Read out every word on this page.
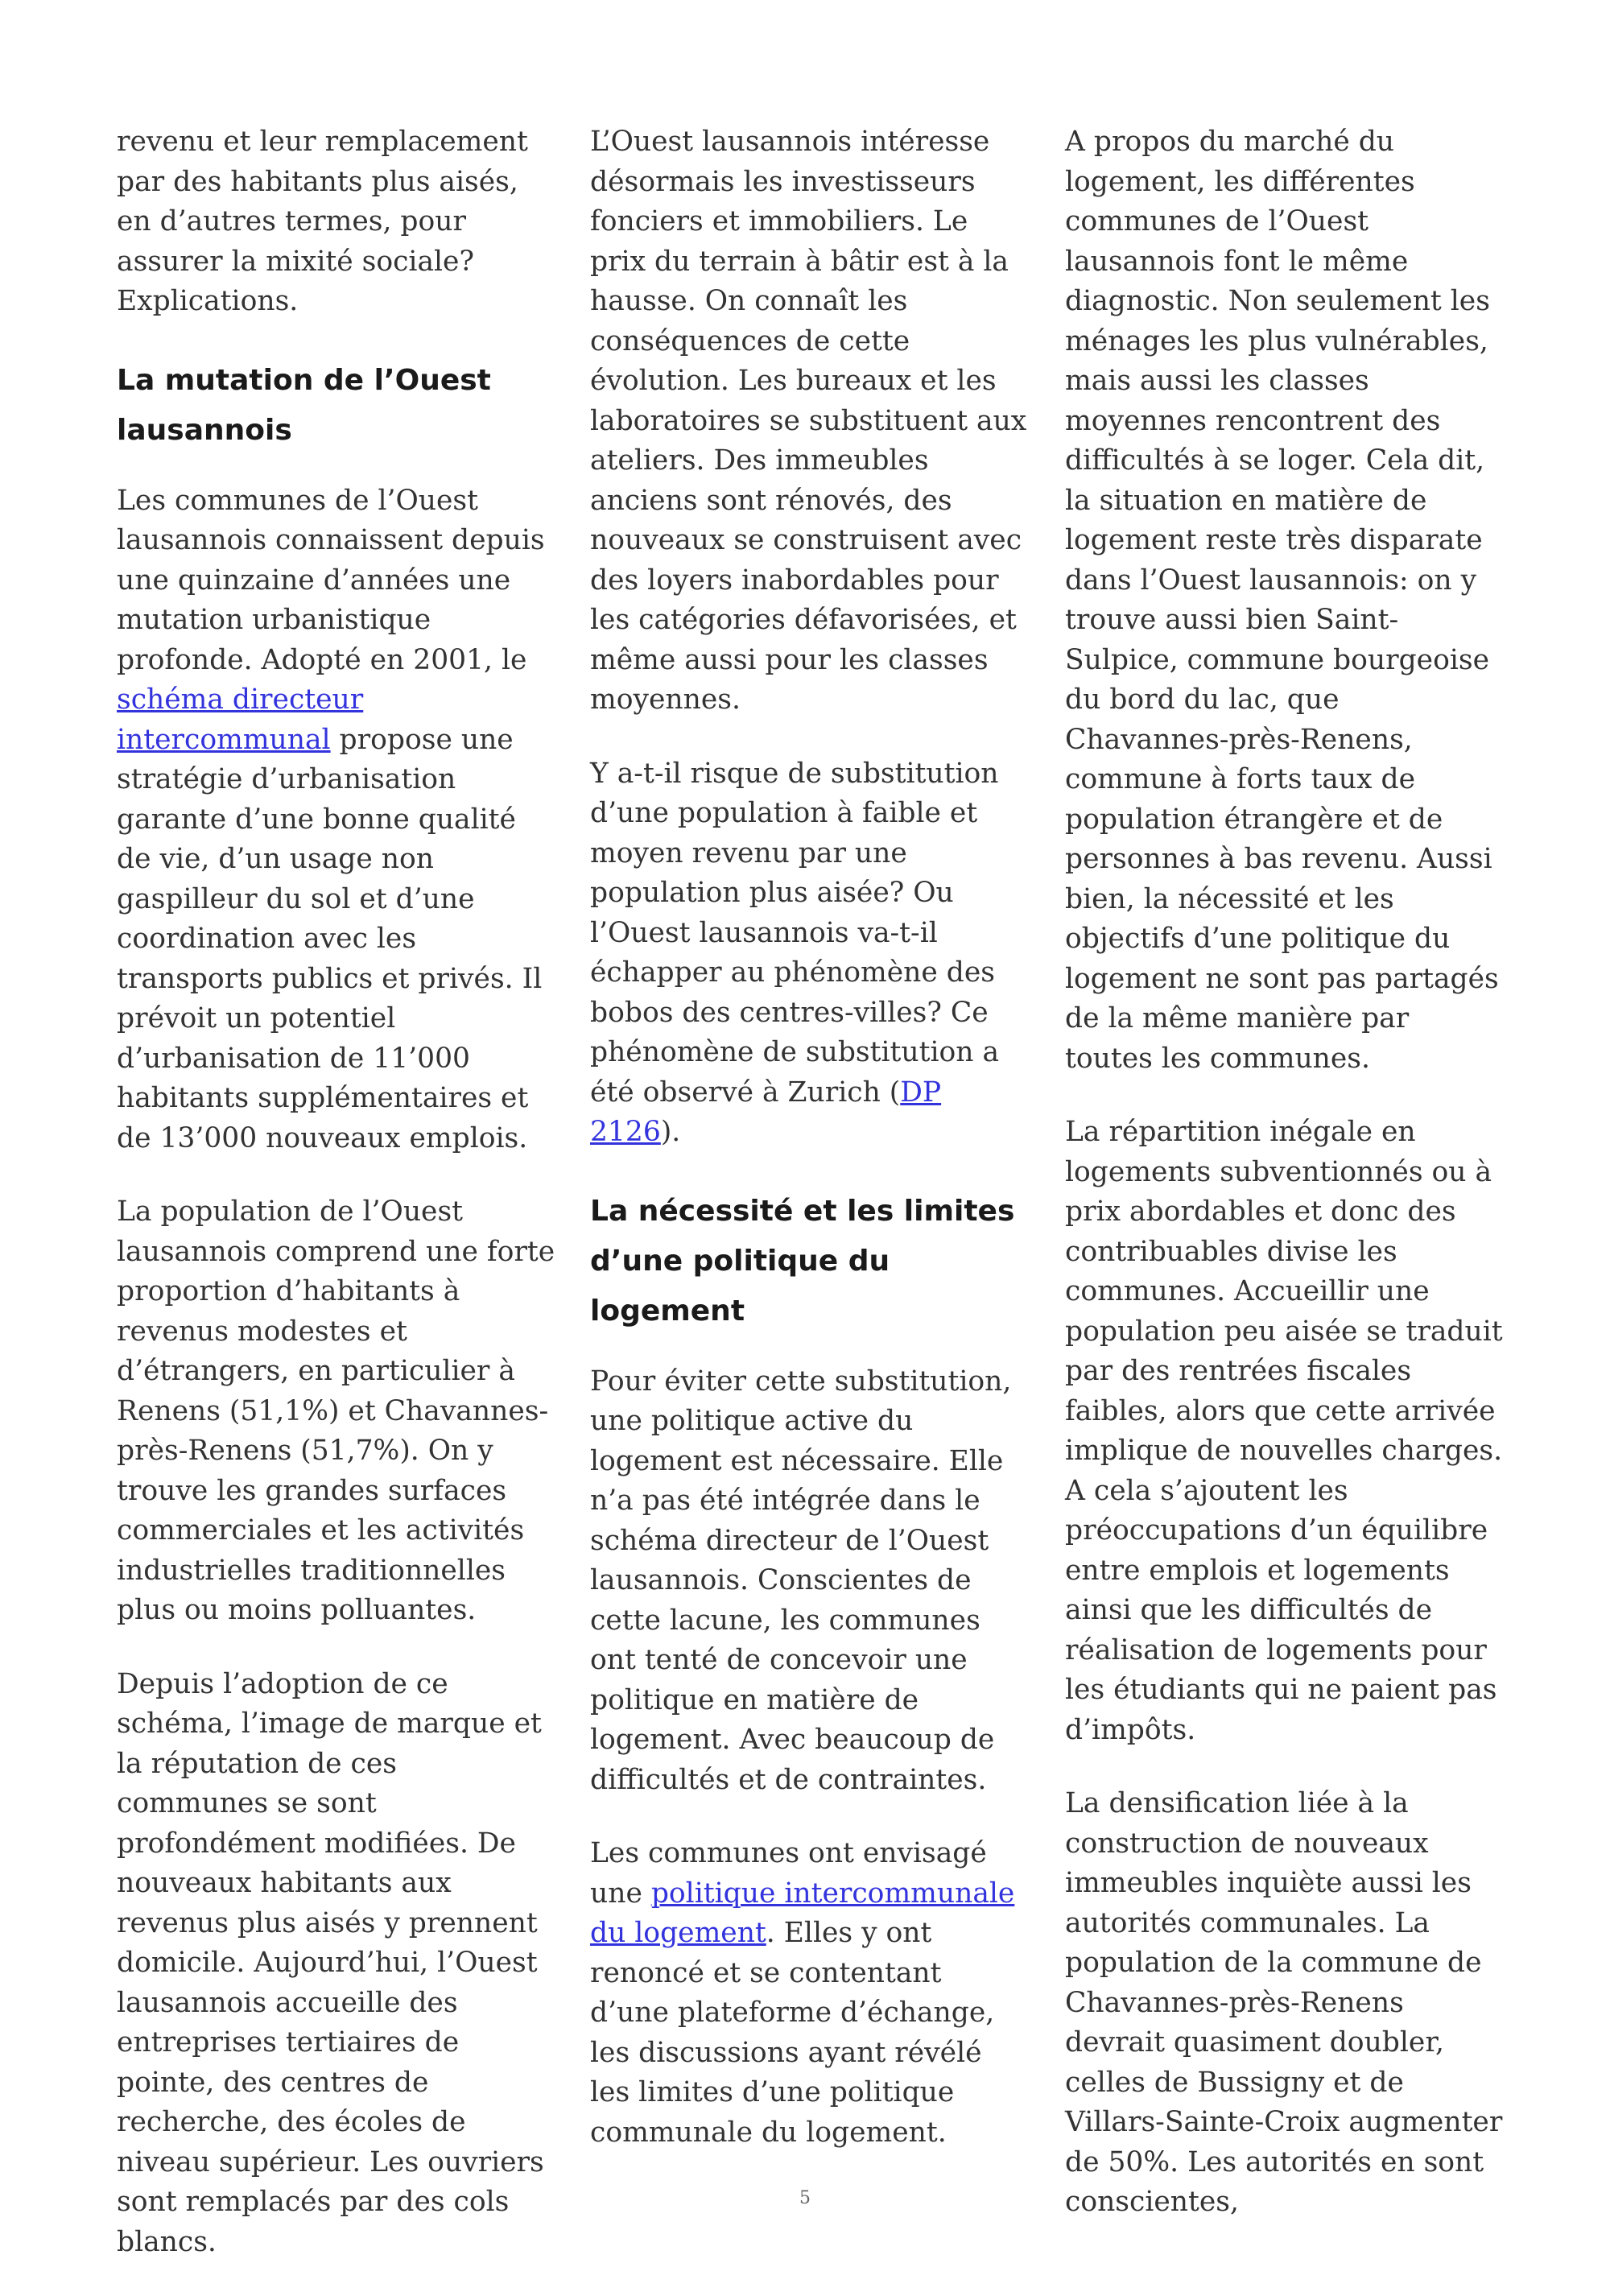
revenu et leur remplacement par des habitants plus aisés, en d’autres termes, pour assurer la mixité sociale? Explications.

La mutation de l’Ouest lausannois

Les communes de l’Ouest lausannois connaissent depuis une quinzaine d’années une mutation urbanistique profonde. Adopté en 2001, le schéma directeur intercommunal propose une stratégie d’urbanisation garante d’une bonne qualité de vie, d’un usage non gaspilleur du sol et d’une coordination avec les transports publics et privés. Il prévoit un potentiel d’urbanisation de 11’000 habitants supplémentaires et de 13’000 nouveaux emplois.

La population de l’Ouest lausannois comprend une forte proportion d’habitants à revenus modestes et d’étrangers, en particulier à Renens (51,1%) et Chavannes-près-Renens (51,7%). On y trouve les grandes surfaces commerciales et les activités industrielles traditionnelles plus ou moins polluantes.

Depuis l’adoption de ce schéma, l’image de marque et la réputation de ces communes se sont profondément modifiées. De nouveaux habitants aux revenus plus aisés y prennent domicile. Aujourd’hui, l’Ouest lausannois accueille des entreprises tertiaires de pointe, des centres de recherche, des écoles de niveau supérieur. Les ouvriers sont remplacés par des cols blancs.

L’Ouest lausannois intéresse désormais les investisseurs fonciers et immobiliers. Le prix du terrain à bâtir est à la hausse. On connaît les conséquences de cette évolution. Les bureaux et les laboratoires se substituent aux ateliers. Des immeubles anciens sont rénovés, des nouveaux se construisent avec des loyers inabordables pour les catégories défavorisées, et même aussi pour les classes moyennes.

Y a-t-il risque de substitution d’une population à faible et moyen revenu par une population plus aisée? Ou l’Ouest lausannois va-t-il échapper au phénomène des bobos des centres-villes? Ce phénomène de substitution a été observé à Zurich (DP 2126).

La nécessité et les limites d’une politique du logement

Pour éviter cette substitution, une politique active du logement est nécessaire. Elle n’a pas été intégrée dans le schéma directeur de l’Ouest lausannois. Conscientes de cette lacune, les communes ont tenté de concevoir une politique en matière de logement. Avec beaucoup de difficultés et de contraintes.

Les communes ont envisagé une politique intercommunale du logement. Elles y ont renoncé et se contentant d’une plateforme d’échange, les discussions ayant révélé les limites d’une politique communale du logement.

A propos du marché du logement, les différentes communes de l’Ouest lausannois font le même diagnostic. Non seulement les ménages les plus vulnérables, mais aussi les classes moyennes rencontrent des difficultés à se loger. Cela dit, la situation en matière de logement reste très disparate dans l’Ouest lausannois: on y trouve aussi bien Saint-Sulpice, commune bourgeoise du bord du lac, que Chavannes-près-Renens, commune à forts taux de population étrangère et de personnes à bas revenu. Aussi bien, la nécessité et les objectifs d’une politique du logement ne sont pas partagés de la même manière par toutes les communes.

La répartition inégale en logements subventionnés ou à prix abordables et donc des contribuables divise les communes. Accueillir une population peu aisée se traduit par des rentrées fiscales faibles, alors que cette arrivée implique de nouvelles charges. A cela s’ajoutent les préoccupations d’un équilibre entre emplois et logements ainsi que les difficultés de réalisation de logements pour les étudiants qui ne paient pas d’impôts.

La densification liée à la construction de nouveaux immeubles inquiète aussi les autorités communales. La population de la commune de Chavannes-près-Renens devrait quasiment doubler, celles de Bussigny et de Villars-Sainte-Croix augmenter de 50%. Les autorités en sont conscientes,

5
